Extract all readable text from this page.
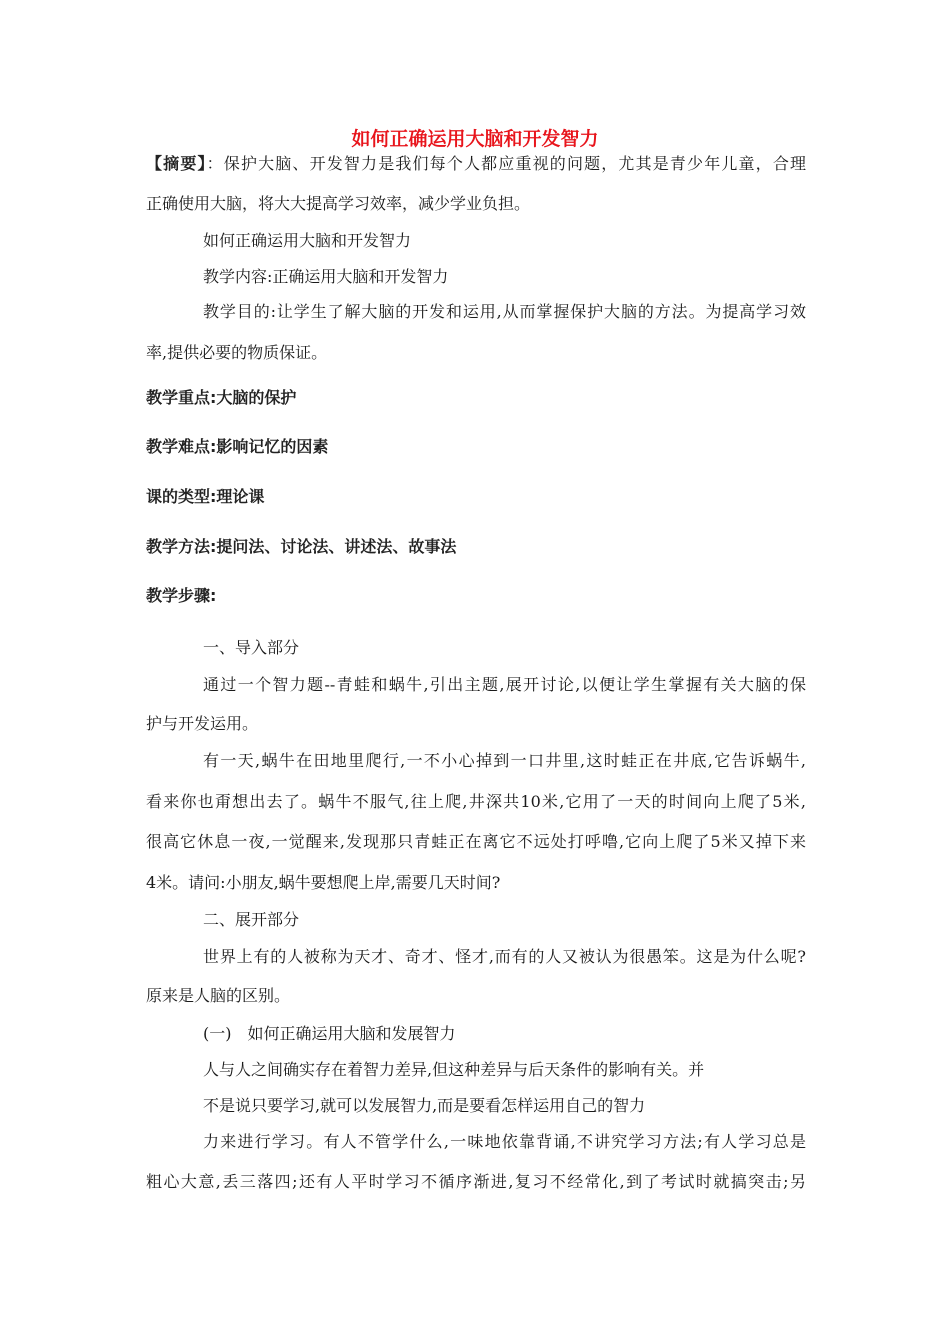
如何正确运用大脑和开发智力
【摘要】：保护大脑、开发智力是我们每个人都应重视的问题，尤其是青少年儿童，合理
正确使用大脑，将大大提高学习效率，减少学业负担。
如何正确运用大脑和开发智力
教学内容:正确运用大脑和开发智力
教学目的:让学生了解大脑的开发和运用,从而掌握保护大脑的方法。为提高学习效
率,提供必要的物质保证。
教学重点:大脑的保护
教学难点:影响记忆的因素
课的类型:理论课
教学方法:提问法、讨论法、讲述法、故事法
教学步骤:
一、导入部分
通过一个智力题--青蛙和蜗牛,引出主题,展开讨论,以便让学生掌握有关大脑的保
护与开发运用。
有一天,蜗牛在田地里爬行,一不小心掉到一口井里,这时蛙正在井底,它告诉蜗牛,
看来你也甭想出去了。蜗牛不服气,往上爬,井深共10米,它用了一天的时间向上爬了5米,
很高它休息一夜,一觉醒来,发现那只青蛙正在离它不远处打呼噜,它向上爬了5米又掉下来
4米。请问:小朋友,蜗牛要想爬上岸,需要几天时间?
二、展开部分
世界上有的人被称为天才、奇才、怪才,而有的人又被认为很愚笨。这是为什么呢?
原来是人脑的区别。
(一)　如何正确运用大脑和发展智力
人与人之间确实存在着智力差异,但这种差异与后天条件的影响有关。并
不是说只要学习,就可以发展智力,而是要看怎样运用自己的智力
力来进行学习。有人不管学什么,一味地依靠背诵,不讲究学习方法;有人学习总是
粗心大意,丢三落四;还有人平时学习不循序渐进,复习不经常化,到了考试时就搞突击;另
